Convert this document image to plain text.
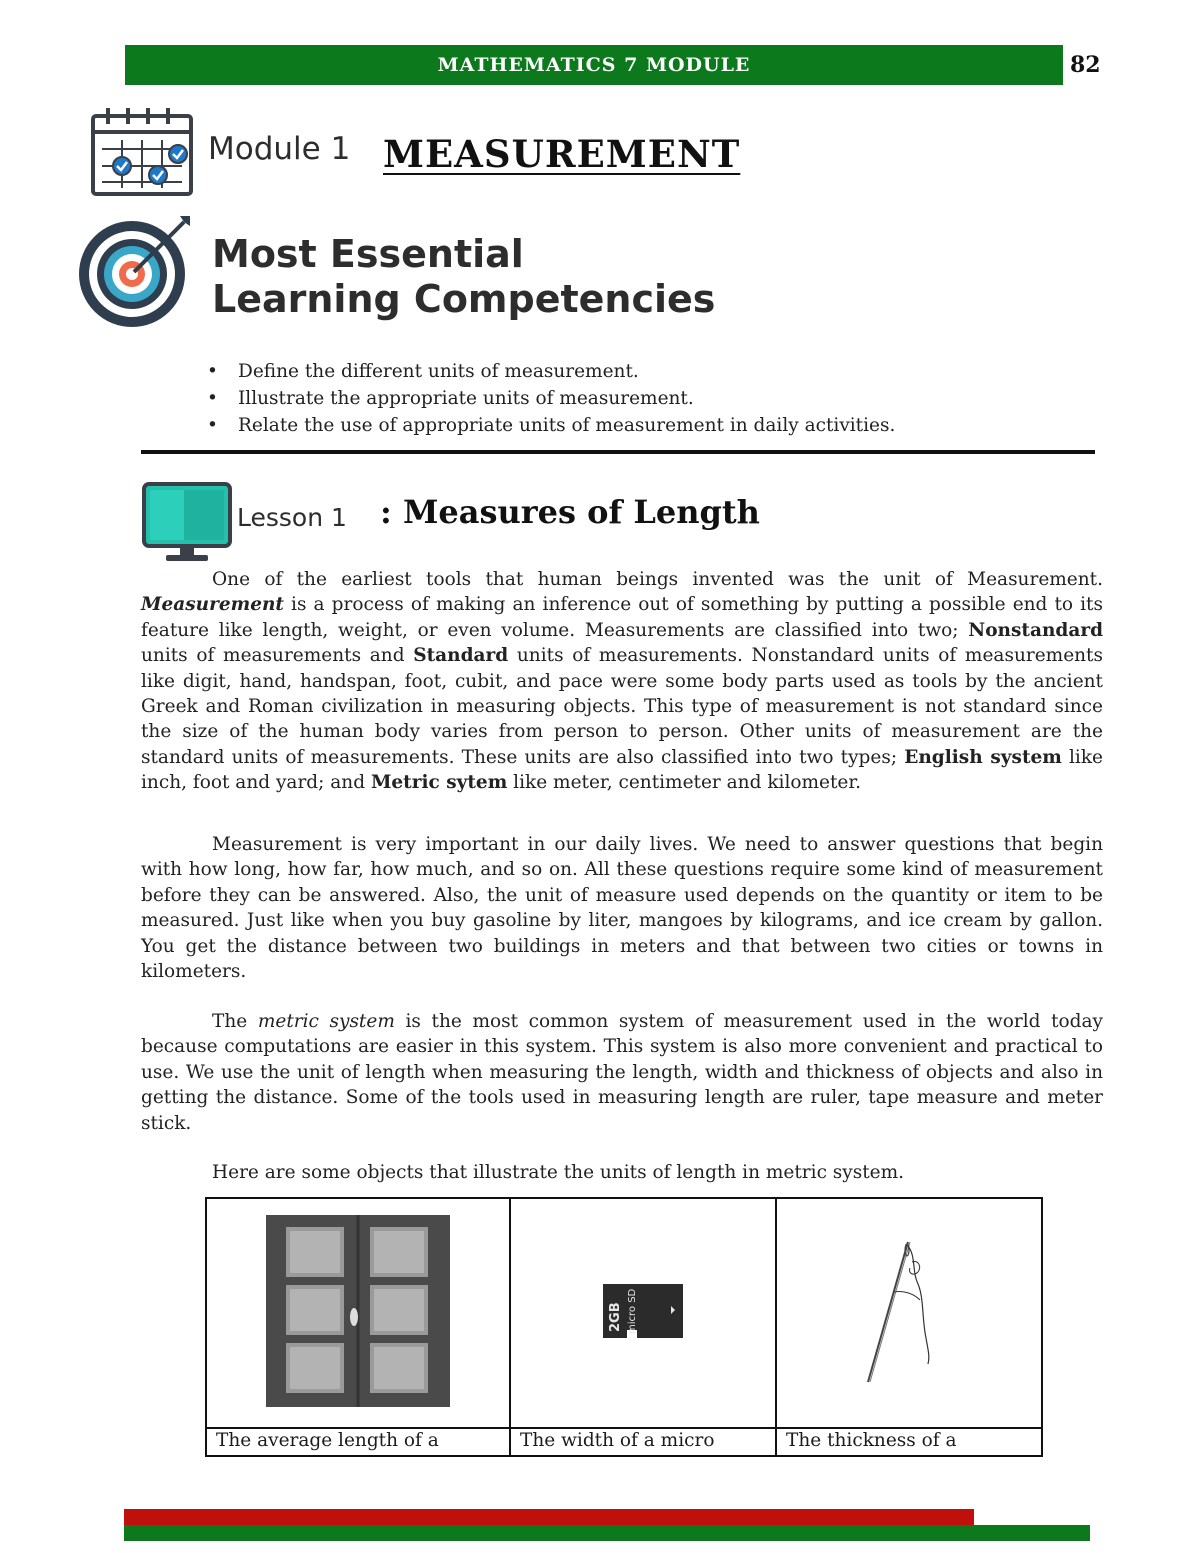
MATHEMATICS 7 MODULE	82
Module 1 MEASUREMENT
Most Essential
Learning Competencies
• Define the different units of measurement.
• Illustrate the appropriate units of measurement.
• Relate the use of appropriate units of measurement in daily activities.
Lesson 1 : Measures of Length

One of the earliest tools that human beings invented was the unit of Measurement. Measurement is a process of making an inference out of something by putting a possible end to its feature like length, weight, or even volume. Measurements are classified into two; Nonstandard units of measurements and Standard units of measurements. Nonstandard units of measurements like digit, hand, handspan, foot, cubit, and pace were some body parts used as tools by the ancient Greek and Roman civilization in measuring objects. This type of measurement is not standard since the size of the human body varies from person to person. Other units of measurement are the standard units of measurements. These units are also classified into two types; English system like inch, foot and yard; and Metric sytem like meter, centimeter and kilometer.

Measurement is very important in our daily lives. We need to answer questions that begin with how long, how far, how much, and so on. All these questions require some kind of measurement before they can be answered. Also, the unit of measure used depends on the quantity or item to be measured. Just like when you buy gasoline by liter, mangoes by kilograms, and ice cream by gallon. You get the distance between two buildings in meters and that between two cities or towns in kilometers.

The metric system is the most common system of measurement used in the world today because computations are easier in this system. This system is also more convenient and practical to use. We use the unit of length when measuring the length, width and thickness of objects and also in getting the distance. Some of the tools used in measuring length are ruler, tape measure and meter stick.

Here are some objects that illustrate the units of length in metric system.

2GB micro SD

The average length of a	The width of a micro	The thickness of a
